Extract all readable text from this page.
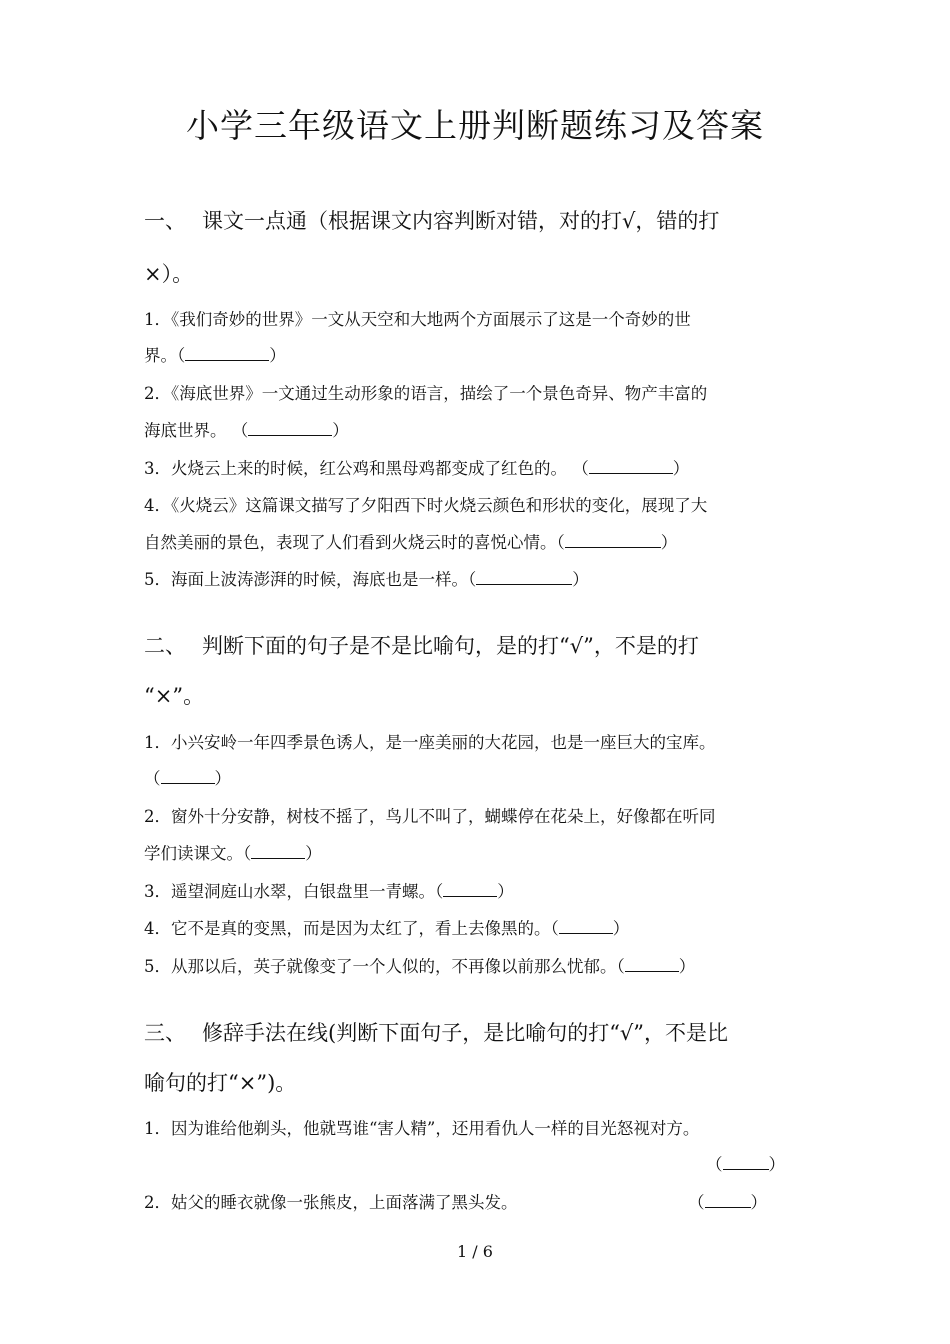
小学三年级语文上册判断题练习及答案
一、 课文一点通（根据课文内容判断对错，对的打√，错的打
×）。
1．《我们奇妙的世界》一文从天空和大地两个方面展示了这是一个奇妙的世
界。（	）
2．《海底世界》一文通过生动形象的语言，描绘了一个景色奇异、物产丰富的
海底世界。 （	）
3．火烧云上来的时候，红公鸡和黑母鸡都变成了红色的。 （	）
4．《火烧云》这篇课文描写了夕阳西下时火烧云颜色和形状的变化，展现了大
自然美丽的景色，表现了人们看到火烧云时的喜悦心情。（	）
5．海面上波涛澎湃的时候，海底也是一样。（	）
二、 判断下面的句子是不是比喻句，是的打“√”，不是的打
“×”。
1．小兴安岭一年四季景色诱人，是一座美丽的大花园，也是一座巨大的宝库。
（	）
2．窗外十分安静，树枝不摇了，鸟儿不叫了，蝴蝶停在花朵上，好像都在听同
学们读课文。（	）
3．遥望洞庭山水翠，白银盘里一青螺。（	）
4．它不是真的变黑，而是因为太红了，看上去像黑的。（	）
5．从那以后，英子就像变了一个人似的，不再像以前那么忧郁。（	）
三、 修辞手法在线(判断下面句子，是比喻句的打“√”，不是比
喻句的打“×”)。
1．因为谁给他剃头，他就骂谁“害人精”，还用看仇人一样的目光怒视对方。
（	）
2．姑父的睡衣就像一张熊皮，上面落满了黑头发。	（	）
1 / 6
